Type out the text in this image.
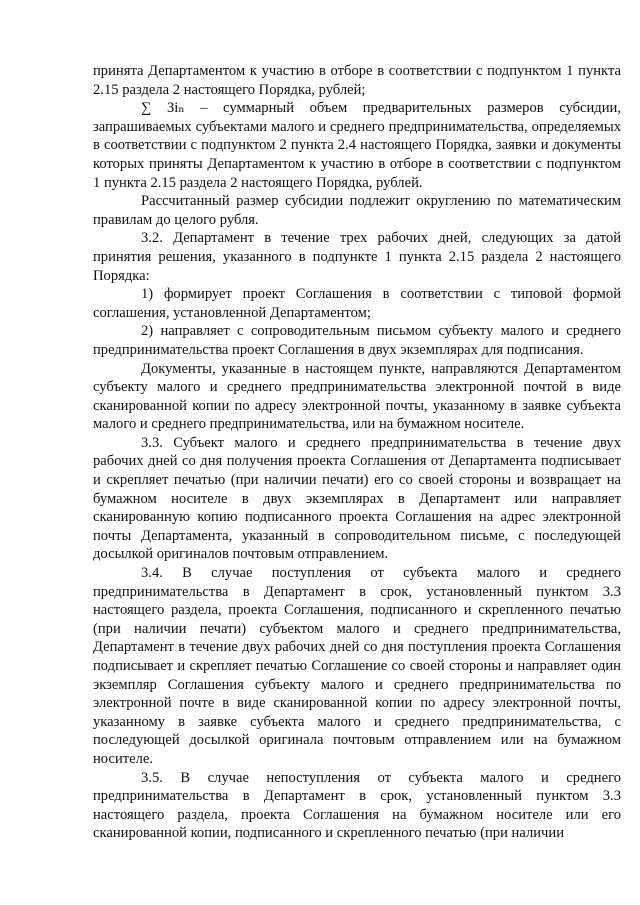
принята Департаментом к участию в отборе в соответствии с подпунктом 1 пункта 2.15 раздела 2 настоящего Порядка, рублей;

∑ Зiₙ – суммарный объем предварительных размеров субсидии, запрашиваемых субъектами малого и среднего предпринимательства, определяемых в соответствии с подпунктом 2 пункта 2.4 настоящего Порядка, заявки и документы которых приняты Департаментом к участию в отборе в соответствии с подпунктом 1 пункта 2.15 раздела 2 настоящего Порядка, рублей.

Рассчитанный размер субсидии подлежит округлению по математическим правилам до целого рубля.

3.2. Департамент в течение трех рабочих дней, следующих за датой принятия решения, указанного в подпункте 1 пункта 2.15 раздела 2 настоящего Порядка:

1) формирует проект Соглашения в соответствии с типовой формой соглашения, установленной Департаментом;

2) направляет с сопроводительным письмом субъекту малого и среднего предпринимательства проект Соглашения в двух экземплярах для подписания.

Документы, указанные в настоящем пункте, направляются Департаментом субъекту малого и среднего предпринимательства электронной почтой в виде сканированной копии по адресу электронной почты, указанному в заявке субъекта малого и среднего предпринимательства, или на бумажном носителе.

3.3. Субъект малого и среднего предпринимательства в течение двух рабочих дней со дня получения проекта Соглашения от Департамента подписывает и скрепляет печатью (при наличии печати) его со своей стороны и возвращает на бумажном носителе в двух экземплярах в Департамент или направляет сканированную копию подписанного проекта Соглашения на адрес электронной почты Департамента, указанный в сопроводительном письме, с последующей досылкой оригиналов почтовым отправлением.

3.4. В случае поступления от субъекта малого и среднего предпринимательства в Департамент в срок, установленный пунктом 3.3 настоящего раздела, проекта Соглашения, подписанного и скрепленного печатью (при наличии печати) субъектом малого и среднего предпринимательства, Департамент в течение двух рабочих дней со дня поступления проекта Соглашения подписывает и скрепляет печатью Соглашение со своей стороны и направляет один экземпляр Соглашения субъекту малого и среднего предпринимательства по электронной почте в виде сканированной копии по адресу электронной почты, указанному в заявке субъекта малого и среднего предпринимательства, с последующей досылкой оригинала почтовым отправлением или на бумажном носителе.

3.5. В случае непоступления от субъекта малого и среднего предпринимательства в Департамент в срок, установленный пунктом 3.3 настоящего раздела, проекта Соглашения на бумажном носителе или его сканированной копии, подписанного и скрепленного печатью (при наличии
